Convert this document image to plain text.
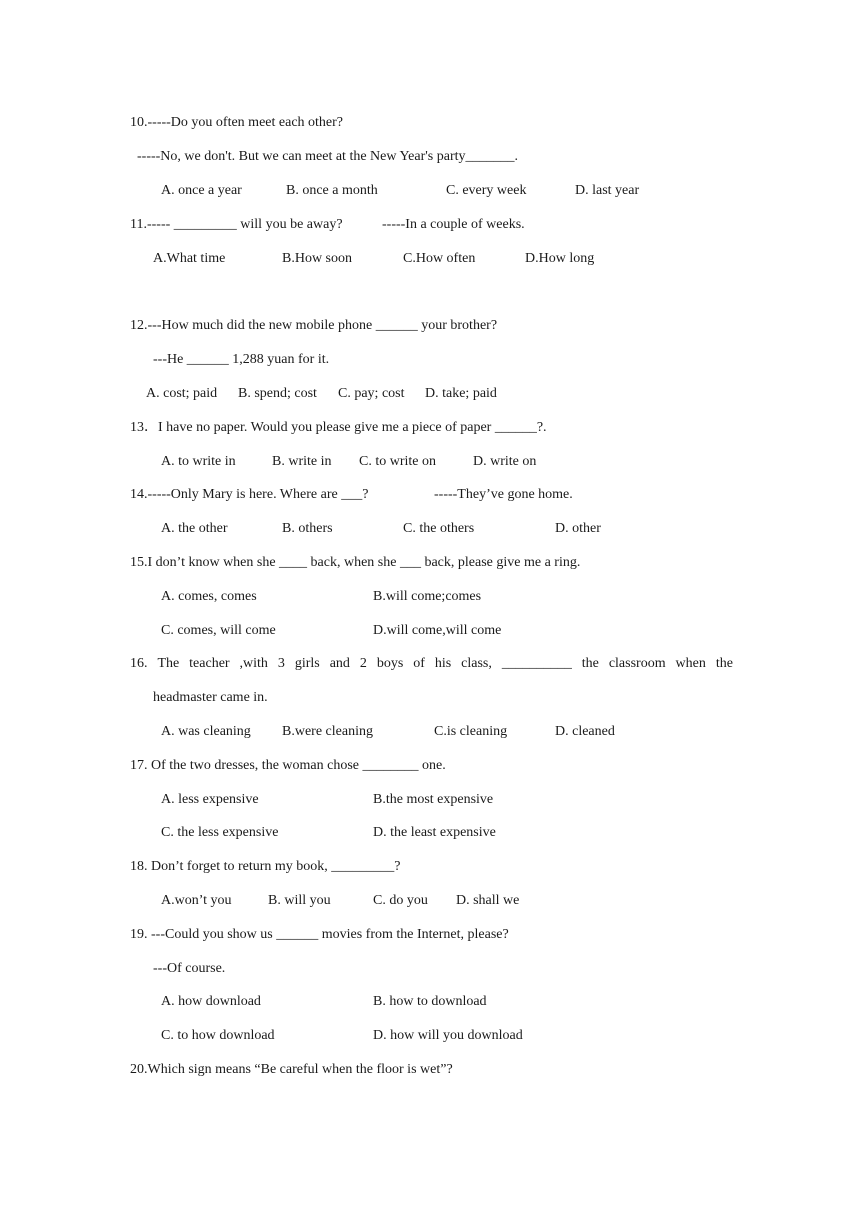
10.-----Do you often meet each other?
-----No, we don't. But we can meet at the New Year's party_______.
A. once a year	B. once a month	C. every week	D. last year
11.----- _________ will you be away?	-----In a couple of weeks.
A.What time	B.How soon	C.How often	D.How long
12.---How much did the new mobile phone ______ your brother?
---He ______ 1,288 yuan for it.
A. cost; paid B. spend; cost C. pay; cost D. take; paid
13．I have no paper. Would you please give me a piece of paper ______?.
A. to write in	B. write in C. to write on	D. write on
14.-----Only Mary is here. Where are ___?	-----They’ve gone home.
A. the other	B. others	C. the others	D. other
15.I don’t know when she ____ back, when she ___ back, please give me a ring.
A. comes, comes	B.will come;comes
C. comes, will come	D.will come,will come
16. The teacher ,with 3 girls and 2 boys of his class, __________ the classroom when the
headmaster came in.
A. was cleaning B.were cleaning	C.is cleaning	D. cleaned
17. Of the two dresses, the woman chose ________ one.
A. less expensive	B.the most expensive
C. the less expensive	D. the least expensive
18. Don’t forget to return my book, _________?
A.won’t you	B. will you	C. do you D. shall we
19. ---Could you show us ______ movies from the Internet, please?
---Of course.
A. how download	B. how to download
C. to how download	D. how will you download
20.Which sign means “Be careful when the floor is wet”?
